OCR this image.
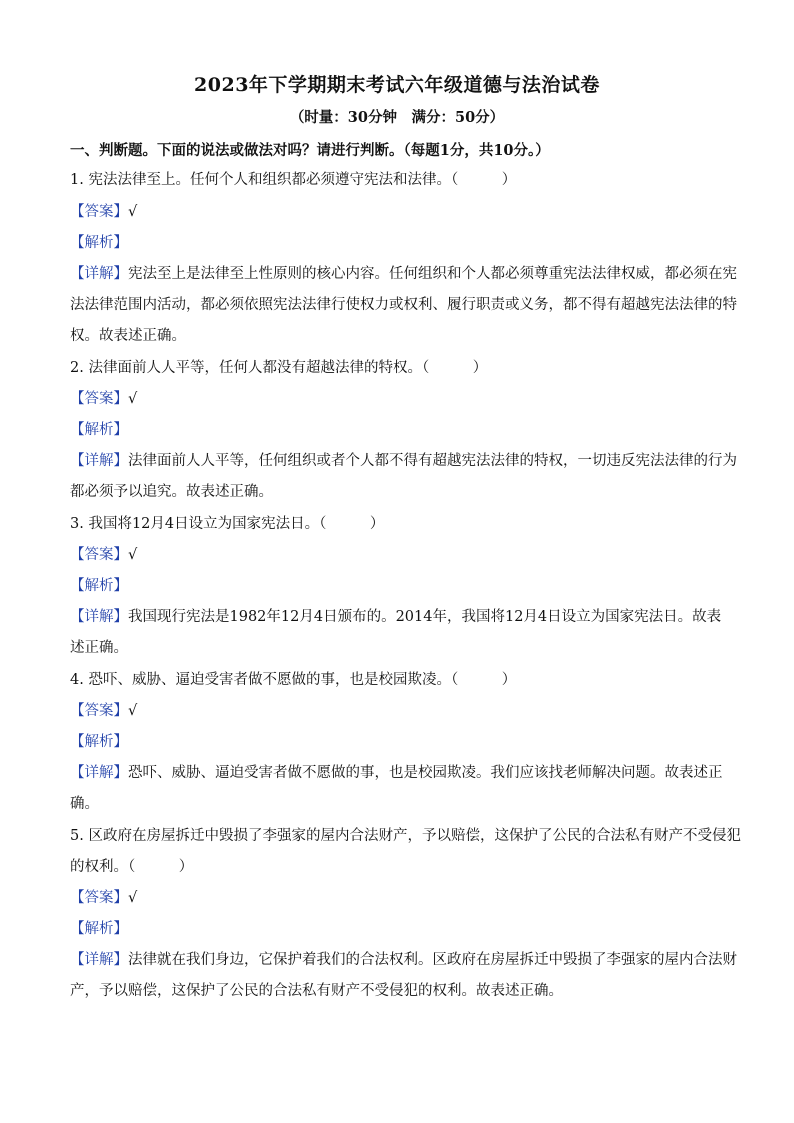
2023年下学期期末考试六年级道德与法治试卷
（时量：30分钟　满分：50分）
一、判断题。下面的说法或做法对吗？请进行判断。（每题1分，共10分。）
1. 宪法法律至上。任何个人和组织都必须遵守宪法和法律。（　　　）
【答案】√
【解析】
【详解】宪法至上是法律至上性原则的核心内容。任何组织和个人都必须尊重宪法法律权威，都必须在宪
法法律范围内活动，都必须依照宪法法律行使权力或权利、履行职责或义务，都不得有超越宪法法律的特
权。故表述正确。
2. 法律面前人人平等，任何人都没有超越法律的特权。（　　　）
【答案】√
【解析】
【详解】法律面前人人平等，任何组织或者个人都不得有超越宪法法律的特权，一切违反宪法法律的行为
都必须予以追究。故表述正确。
3. 我国将12月4日设立为国家宪法日。（　　　）
【答案】√
【解析】
【详解】我国现行宪法是1982年12月4日颁布的。2014年，我国将12月4日设立为国家宪法日。故表
述正确。
4. 恐吓、威胁、逼迫受害者做不愿做的事，也是校园欺凌。（　　　）
【答案】√
【解析】
【详解】恐吓、威胁、逼迫受害者做不愿做的事，也是校园欺凌。我们应该找老师解决问题。故表述正
确。
5. 区政府在房屋拆迁中毁损了李强家的屋内合法财产，予以赔偿，这保护了公民的合法私有财产不受侵犯
的权利。（　　　）
【答案】√
【解析】
【详解】法律就在我们身边，它保护着我们的合法权利。区政府在房屋拆迁中毁损了李强家的屋内合法财
产，予以赔偿，这保护了公民的合法私有财产不受侵犯的权利。故表述正确。
